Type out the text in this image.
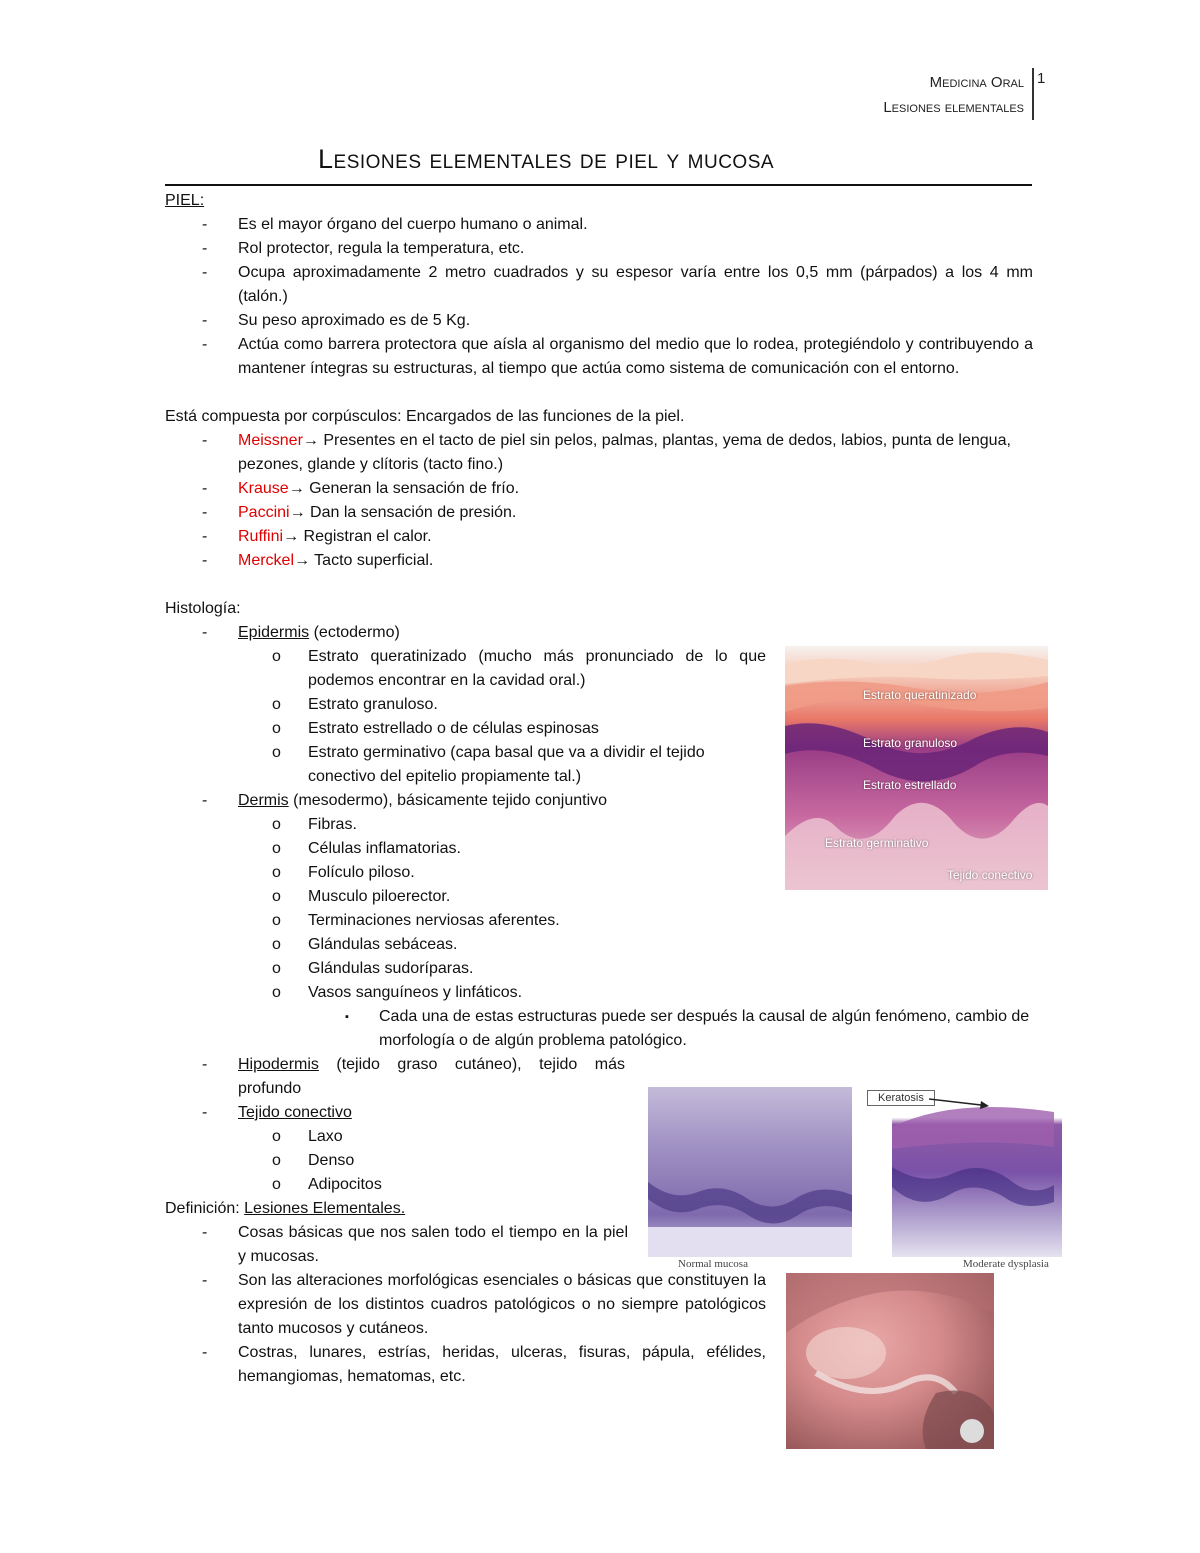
Medicina Oral
Lesiones elementales
1
Lesiones elementales de piel y mucosa

PIEL:

- Es el mayor órgano del cuerpo humano o animal.

- Rol protector, regula la temperatura, etc.

- Ocupa aproximadamente 2 metro cuadrados y su espesor varía entre los 0,5 mm (párpados) a los 4 mm (talón.)

- Su peso aproximado es de 5 Kg.

- Actúa como barrera protectora que aísla al organismo del medio que lo rodea, protegiéndolo y contribuyendo a mantener íntegras su estructuras, al tiempo que actúa como sistema de comunicación con el entorno.

Está compuesta por corpúsculos: Encargados de las funciones de la piel.

- Meissner→ Presentes en el tacto de piel sin pelos, palmas, plantas, yema de dedos, labios, punta de lengua, pezones, glande y clítoris (tacto fino.)

- Krause→ Generan la sensación de frío.

- Paccini→ Dan la sensación de presión.

- Ruffini→ Registran el calor.

- Merckel→ Tacto superficial.

Histología:

- Epidermis (ectodermo)

o Estrato queratinizado (mucho más pronunciado de lo que podemos encontrar en la cavidad oral.)

o Estrato granuloso.

o Estrato estrellado o de células espinosas

o Estrato germinativo (capa basal que va a dividir el tejido conectivo del epitelio propiamente tal.)

- Dermis (mesodermo), básicamente tejido conjuntivo

o Fibras.

o Células inflamatorias.

o Folículo piloso.

o Musculo piloerector.

o Terminaciones nerviosas aferentes.

o Glándulas sebáceas.

o Glándulas sudoríparas.

o Vasos sanguíneos y linfáticos.

▪ Cada una de estas estructuras puede ser después la causal de algún fenómeno, cambio de morfología o de algún problema patológico.

- Hipodermis (tejido graso cutáneo), tejido más profundo

- Tejido conectivo

o Laxo

o Denso

o Adipocitos

Definición: Lesiones Elementales.

- Cosas básicas que nos salen todo el tiempo en la piel y mucosas.

- Son las alteraciones morfológicas esenciales o básicas que constituyen la expresión de los distintos cuadros patológicos o no siempre patológicos tanto mucosos y cutáneos.

- Costras, lunares, estrías, heridas, ulceras, fisuras, pápula, efélides, hemangiomas, hematomas, etc.

Estrato queratinizado
Estrato granuloso
Estrato estrellado
Estrato germinativo
Tejido conectivo
Normal mucosa
Keratosis
Moderate dysplasia
